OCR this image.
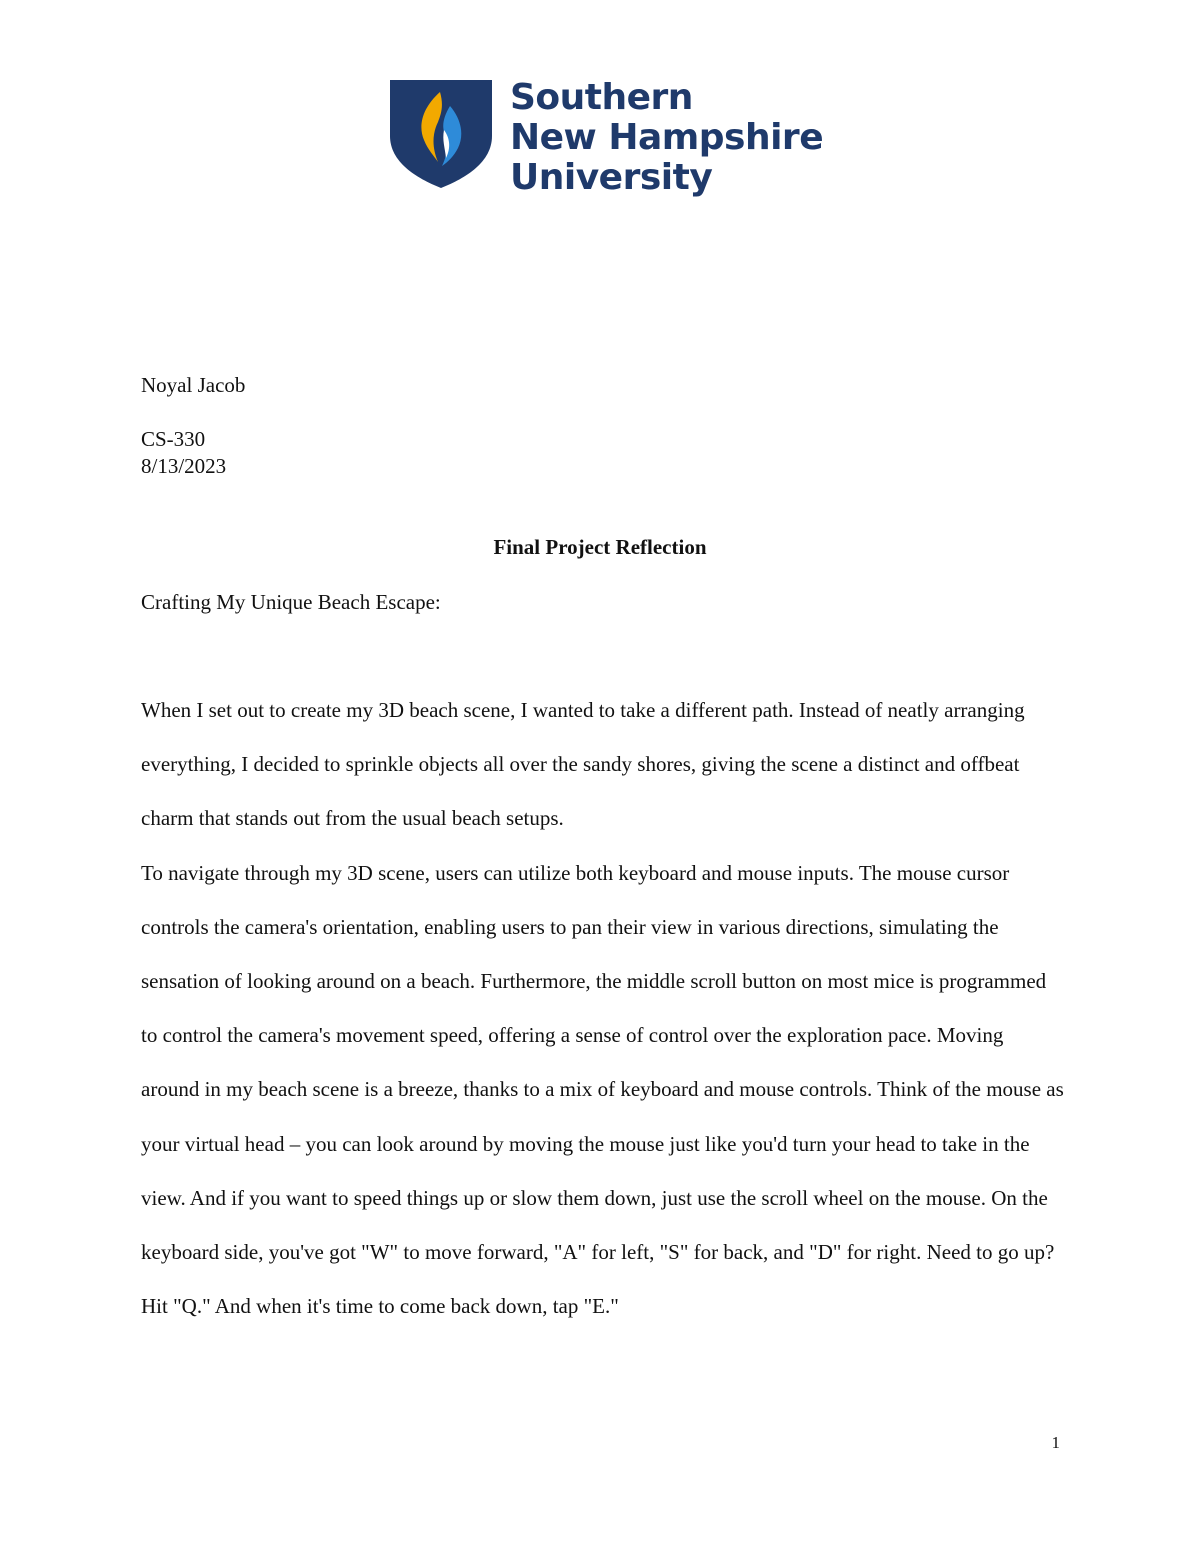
Southern
New Hampshire
University
Noyal Jacob
CS-330
8/13/2023
Final Project Reflection
Crafting My Unique Beach Escape:

When I set out to create my 3D beach scene, I wanted to take a different path. Instead of neatly arranging everything, I decided to sprinkle objects all over the sandy shores, giving the scene a distinct and offbeat charm that stands out from the usual beach setups.

To navigate through my 3D scene, users can utilize both keyboard and mouse inputs. The mouse cursor controls the camera's orientation, enabling users to pan their view in various directions, simulating the sensation of looking around on a beach. Furthermore, the middle scroll button on most mice is programmed to control the camera's movement speed, offering a sense of control over the exploration pace. Moving around in my beach scene is a breeze, thanks to a mix of keyboard and mouse controls. Think of the mouse as your virtual head – you can look around by moving the mouse just like you'd turn your head to take in the view. And if you want to speed things up or slow them down, just use the scroll wheel on the mouse. On the keyboard side, you've got "W" to move forward, "A" for left, "S" for back, and "D" for right. Need to go up? Hit "Q." And when it's time to come back down, tap "E."

1
